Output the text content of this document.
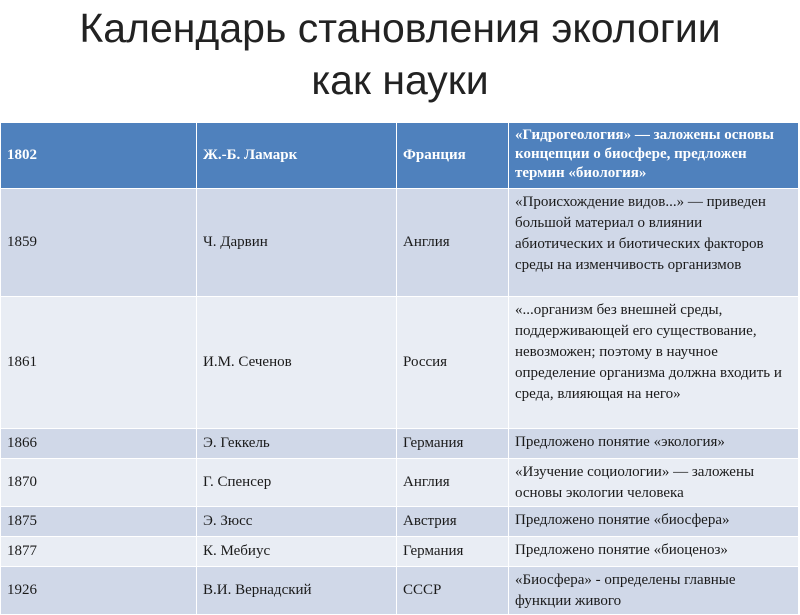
Календарь становления экологии
как науки
1802	Ж.-Б. Ламарк	Франция	«Гидрогеология» — заложены основы концепции о биосфере, предложен термин «биология»
1859	Ч. Дарвин	Англия	«Происхождение видов...» — приведен большой материал о влиянии абиотических и биотических факторов среды на изменчивость организмов
1861	И.М. Сеченов	Россия	«...организм без внешней среды, поддерживающей его существование, невозможен; поэтому в научное определение организма должна входить и среда, влияющая на него»
1866	Э. Геккель	Германия	Предложено понятие «экология»
1870	Г. Спенсер	Англия	«Изучение социологии» — заложены основы экологии человека
1875	Э. Зюсс	Австрия	Предложено понятие «биосфера»
1877	К. Мебиус	Германия	Предложено понятие «биоценоз»
1926	В.И. Вернадский	СССР	«Биосфера» - определены главные функции живого
